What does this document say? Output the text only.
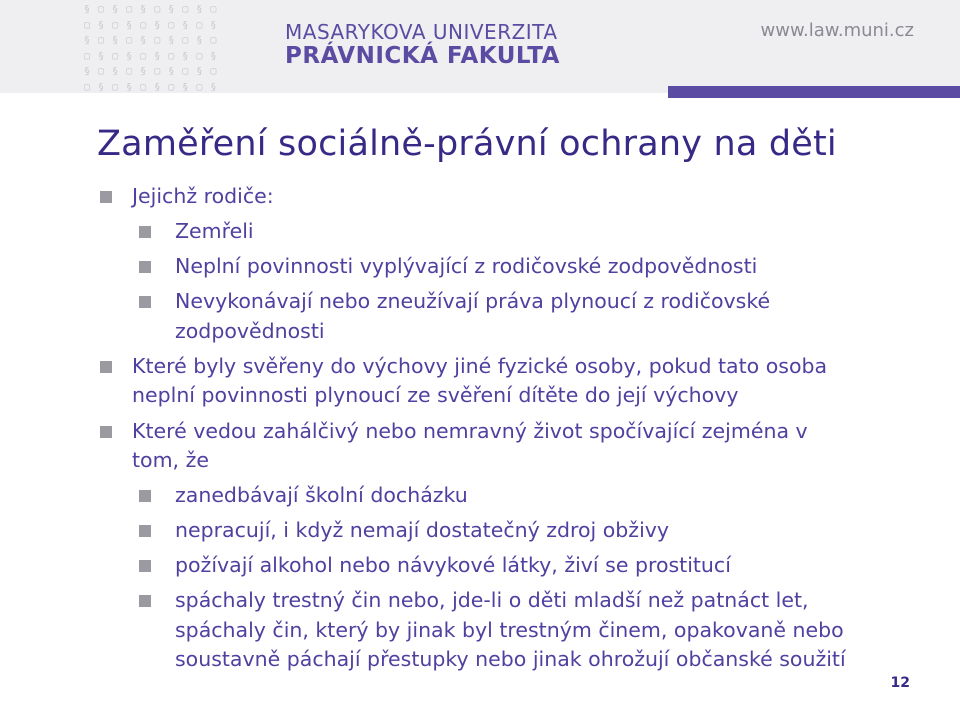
§ ▢ § ▢ § ▢ § ▢ § ▢
▢ § ▢ § ▢ § ▢ § ▢ §
§ ▢ § ▢ § ▢ § ▢ § ▢
▢ § ▢ § ▢ § ▢ § ▢ §
§ ▢ § ▢ § ▢ § ▢ § ▢
▢ § ▢ § ▢ § ▢ § ▢ §
MASARYKOVA UNIVERZITA
PRÁVNICKÁ FAKULTA
www.law.muni.cz
Zaměření sociálně-právní ochrany na děti
Jejichž rodiče:
Zemřeli
Neplní povinnosti vyplývající z rodičovské zodpovědnosti
Nevykonávají nebo zneužívají práva plynoucí z rodičovské
zodpovědnosti
Které byly svěřeny do výchovy jiné fyzické osoby, pokud tato osoba
neplní povinnosti plynoucí ze svěření dítěte do její výchovy
Které vedou zahálčivý nebo nemravný život spočívající zejména v
tom, že
zanedbávají školní docházku
nepracují, i když nemají dostatečný zdroj obživy
požívají alkohol nebo návykové látky, živí se prostitucí
spáchaly trestný čin nebo, jde-li o děti mladší než patnáct let,
spáchaly čin, který by jinak byl trestným činem, opakovaně nebo
soustavně páchají přestupky nebo jinak ohrožují občanské soužití
12
